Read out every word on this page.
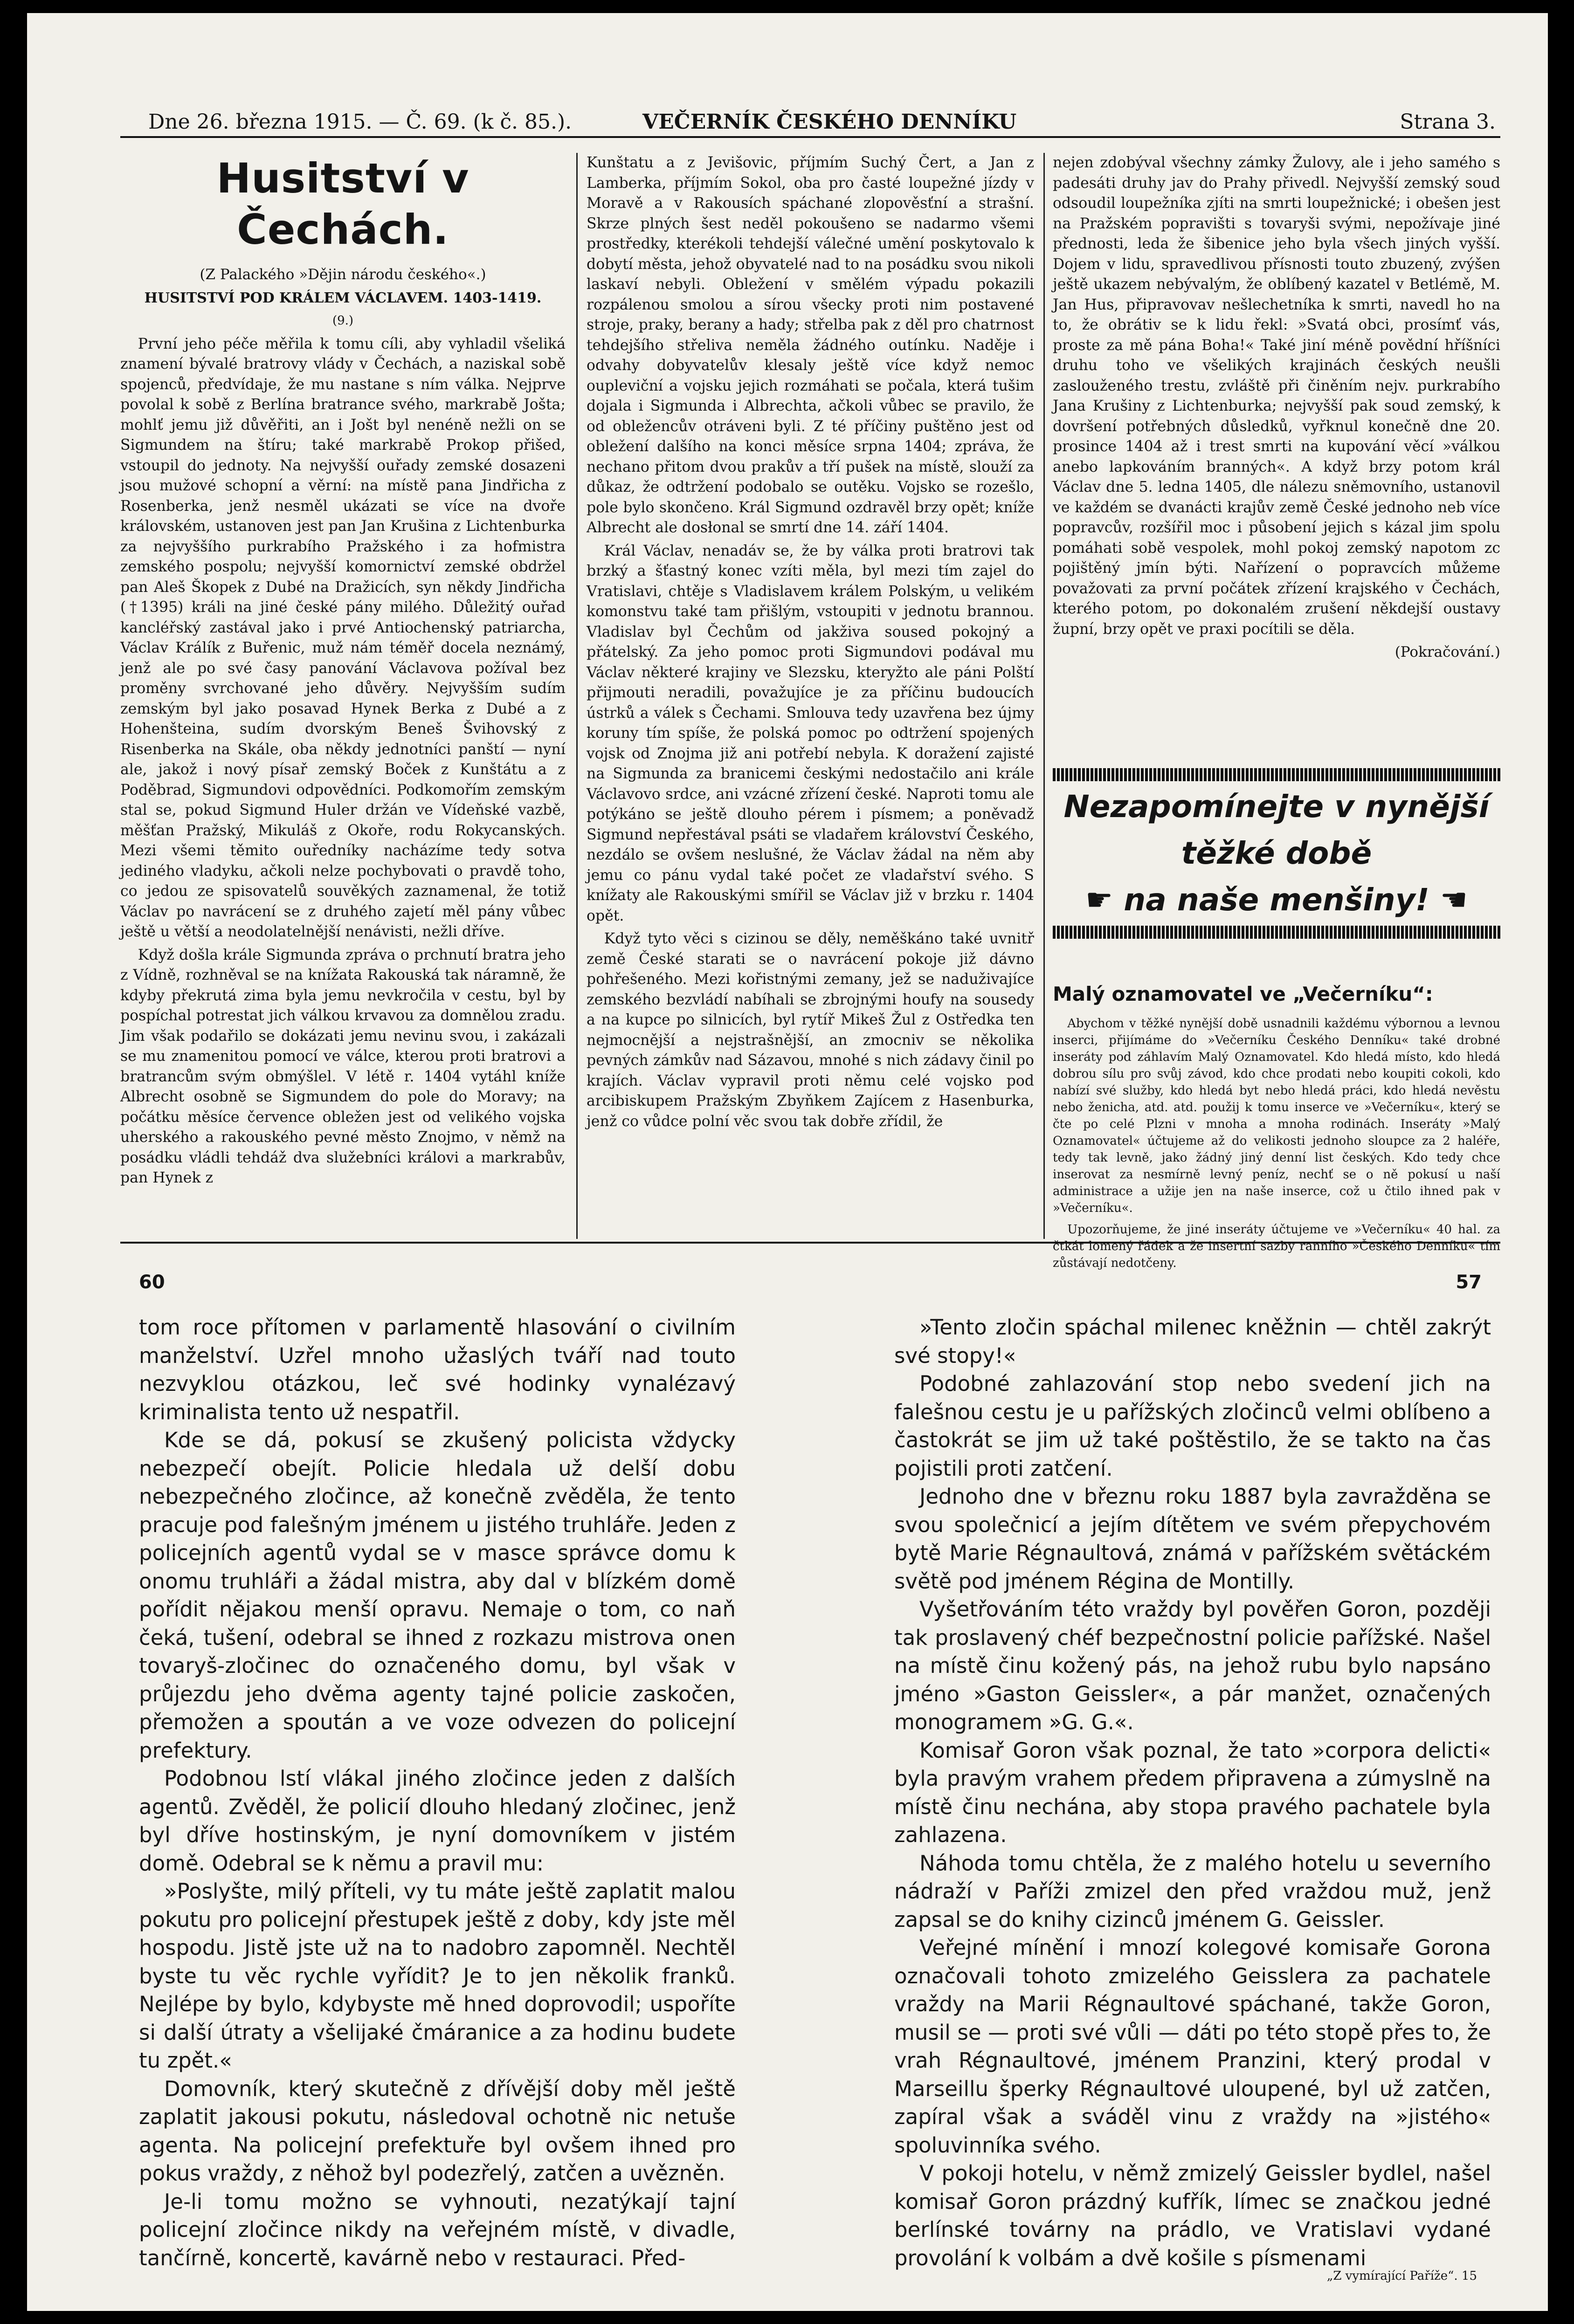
Dne 26. března 1915. — Č. 69. (k č. 85.).	VEČERNÍK ČESKÉHO DENNÍKU	Strana 3.
Husitství v Čechách.

(Z Palackého »Dějin národu českého«.)

HUSITSTVÍ POD KRÁLEM VÁCLAVEM. 1403-1419.

(9.)

První jeho péče měřila k tomu cíli, aby vyhladil všeliká znamení bývalé bratrovy vlády v Čechách, a naziskal sobě spojenců, předvídaje, že mu nastane s ním válka. Nejprve povolal k sobě z Berlína bratrance svého, markrabě Jošta; mohlť jemu již důvěřiti, an i Jošt byl nenéně nežli on se Sigmundem na štíru; také markrabě Prokop přišed, vstoupil do jednoty. Na nejvyšší ouřady zemské dosazeni jsou mužové schopní a věrní: na místě pana Jindřicha z Rosenberka, jenž nesměl ukázati se více na dvoře královském, ustanoven jest pan Jan Krušina z Lichtenburka za nejvyššího purkrabího Pražského i za hofmistra zemského pospolu; nejvyšší komornictví zemské obdržel pan Aleš Škopek z Dubé na Dražicích, syn někdy Jindřicha (†1395) králi na jiné české pány milého. Důležitý ouřad kancléřský zastával jako i prvé Antiochenský patriarcha, Václav Králík z Buřenic, muž nám téměř docela neznámý, jenž ale po své časy panování Václavova požíval bez proměny svrchované jeho důvěry. Nejvyšším sudím zemským byl jako posavad Hynek Berka z Dubé a z Hohenšteina, sudím dvorským Beneš Švihovský z Risenberka na Skále, oba někdy jednotníci panští — nyní ale, jakož i nový písař zemský Boček z Kunštátu a z Poděbrad, Sigmundovi odpovědníci. Podkomořím zemským stal se, pokud Sigmund Huler držán ve Vídeňské vazbě, měšťan Pražský, Mikuláš z Okoře, rodu Rokycanských. Mezi všemi těmito ouředníky nacházíme tedy sotva jediného vladyku, ačkoli nelze pochybovati o pravdě toho, co jedou ze spisovatelů souvěkých zaznamenal, že totiž Václav po navrácení se z druhého zajetí měl pány vůbec ještě u větší a neodolatelnější nenávisti, nežli dříve.

Když došla krále Sigmunda zpráva o prchnutí bratra jeho z Vídně, rozhněval se na knížata Rakouská tak náramně, že kdyby překrutá zima byla jemu nevkročila v cestu, byl by pospíchal potrestat jich válkou krvavou za domnělou zradu. Jim však podařilo se dokázati jemu nevinu svou, i zakázali se mu znamenitou pomocí ve válce, kterou proti bratrovi a bratrancům svým obmýšlel. V létě r. 1404 vytáhl kníže Albrecht osobně se Sigmundem do pole do Moravy; na počátku měsíce července obležen jest od velikého vojska uherského a rakouského pevné město Znojmo, v němž na posádku vládli tehdáž dva služebníci královi a markrabův, pan Hynek z

Kunštatu a z Jevišovic, příjmím Suchý Čert, a Jan z Lamberka, příjmím Sokol, oba pro časté loupežné jízdy v Moravě a v Rakousích spáchané zlopověsťní a strašní. Skrze plných šest neděl pokoušeno se nadarmo všemi prostředky, kterékoli tehdejší válečné umění poskytovalo k dobytí města, jehož obyvatelé nad to na posádku svou nikoli laskaví nebyli. Obležení v smělém výpadu pokazili rozpálenou smolou a sírou všecky proti nim postavené stroje, praky, berany a hady; střelba pak z děl pro chatrnost tehdejšího střeliva neměla žádného outínku. Naděje i odvahy dobyvatelův klesaly ještě více když nemoc oupleviční a vojsku jejich rozmáhati se počala, která tušim dojala i Sigmunda i Albrechta, ačkoli vůbec se pravilo, že od obležencův otráveni byli. Z té příčiny puštěno jest od obležení dalšího na konci měsíce srpna 1404; zpráva, že nechano přitom dvou prakův a tří pušek na místě, slouží za důkaz, že odtržení podobalo se outěku. Vojsko se rozešlo, pole bylo skončeno. Král Sigmund ozdravěl brzy opět; kníže Albrecht ale dosłonal se smrtí dne 14. září 1404.

Král Václav, nenadáv se, že by válka proti bratrovi tak brzký a šťastný konec vzíti měla, byl mezi tím zajel do Vratislavi, chtěje s Vladislavem králem Polským, u velikém komonstvu také tam přišlým, vstoupiti v jednotu brannou. Vladislav byl Čechům od jakživa soused pokojný a přátelský. Za jeho pomoc proti Sigmundovi podával mu Václav některé krajiny ve Slezsku, kteryžto ale páni Polští přijmouti neradili, považujíce je za příčinu budoucích ústrků a válek s Čechami. Smlouva tedy uzavřena bez újmy koruny tím spíše, že polská pomoc po odtržení spojených vojsk od Znojma již ani potřebí nebyla. K doražení zajisté na Sigmunda za branicemi českými nedostačilo ani krále Václavovo srdce, ani vzácné zřízení české. Naproti tomu ale potýkáno se ještě dlouho pérem i písmem; a poněvadž Sigmund nepřestával psáti se vladařem království Českého, nezdálo se ovšem neslušné, že Václav žádal na něm aby jemu co pánu vydal také počet ze vladařství svého. S knížaty ale Rakouskými smířil se Václav již v brzku r. 1404 opět.

Když tyto věci s cizinou se děly, neměškáno také uvnitř země České starati se o navrácení pokoje již dávno pohřešeného. Mezi kořistnými zemany, jež se naduživajíce zemského bezvládí nabíhali se zbrojnými houfy na sousedy a na kupce po silnicích, byl rytíř Mikeš Žul z Ostředka ten nejmocnější a nejstrašnější, an zmocniv se několika pevných zámkův nad Sázavou, mnohé s nich zádavy činil po krajích. Václav vypravil proti němu celé vojsko pod arcibiskupem Pražským Zbyňkem Zajícem z Hasenburka, jenž co vůdce polní věc svou tak dobře zřídil, že

nejen zdobýval všechny zámky Žulovy, ale i jeho samého s padesáti druhy jav do Prahy přivedl. Nejvyšší zemský soud odsoudil loupežníka zjíti na smrti loupežnické; i obešen jest na Pražském popravišti s tovaryši svými, nepožívaje jiné přednosti, leda že šibenice jeho byla všech jiných vyšší. Dojem v lidu, spravedlivou přísnosti touto zbuzený, zvýšen ještě ukazem nebývalým, že oblíbený kazatel v Betlémě, M. Jan Hus, připravovav nešlechetníka k smrti, navedl ho na to, že obrátiv se k lidu řekl: »Svatá obci, prosímť vás, proste za mě pána Boha!« Také jiní méně povědní hříšníci druhu toho ve všelikých krajinách českých neušli zaslouženého trestu, zvláště při činěním nejv. purkrabího Jana Krušiny z Lichtenburka; nejvyšší pak soud zemský, k dovršení potřebných důsledků, vyřknul konečně dne 20. prosince 1404 až i trest smrti na kupování věcí »válkou anebo lapkováním branných«. A když brzy potom král Václav dne 5. ledna 1405, dle nálezu sněmovního, ustanovil ve každém se dvanácti krajův země České jednoho neb více popravcův, rozšířil moc i působení jejich s kázal jim spolu pomáhati sobě vespolek, mohl pokoj zemský napotom zc pojištěný jmín býti. Nařízení o popravcích můžeme považovati za první počátek zřízení krajského v Čechách, kterého potom, po dokonalém zrušení někdejší oustavy župní, brzy opět ve praxi pocítili se děla.

(Pokračování.)

Nezapomínejte v nynější
těžké době
☛ na naše menšiny! ☚
Malý oznamovatel ve „Večerníku“:

Abychom v těžké nynější době usnadnili každému výbornou a levnou inserci, přijímáme do »Večerníku Českého Denníku« také drobné inseráty pod záhlavím Malý Oznamovatel. Kdo hledá místo, kdo hledá dobrou sílu pro svůj závod, kdo chce prodati nebo koupiti cokoli, kdo nabízí své služby, kdo hledá byt nebo hledá práci, kdo hledá nevěstu nebo ženicha, atd. atd. použij k tomu inserce ve »Večerníku«, který se čte po celé Plzni v mnoha a mnoha rodinách. Inseráty »Malý Oznamovatel« účtujeme až do velikosti jednoho sloupce za 2 haléře, tedy tak levně, jako žádný jiný denní list českých. Kdo tedy chce inserovat za nesmírně levný peníz, nechť se o ně pokusí u naší administrace a užije jen na naše inserce, což u čtilo ihned pak v »Večerníku«.

Upozorňujeme, že jiné inseráty účtujeme ve »Večerníku« 40 hal. za čtkát lomený řádek a že insertní sazby ranního »Českého Denníku« tím zůstávají nedotčeny.

60

tom roce přítomen v parlamentě hlasování o civilním manželství. Uzřel mnoho užaslých tváří nad touto nezvyklou otázkou, leč své hodinky vynalézavý kriminalista tento už nespatřil.

Kde se dá, pokusí se zkušený policista vždycky nebezpečí obejít. Policie hledala už delší dobu nebezpečného zločince, až konečně zvěděla, že tento pracuje pod falešným jménem u jistého truhláře. Jeden z policejních agentů vydal se v masce správce domu k onomu truhláři a žádal mistra, aby dal v blízkém domě pořídit nějakou menší opravu. Nemaje o tom, co naň čeká, tušení, odebral se ihned z rozkazu mistrova onen tovaryš-zločinec do označeného domu, byl však v průjezdu jeho dvěma agenty tajné policie zaskočen, přemožen a spoután a ve voze odvezen do policejní prefektury.

Podobnou lstí vlákal jiného zločince jeden z dalších agentů. Zvěděl, že policií dlouho hledaný zločinec, jenž byl dříve hostinským, je nyní domovníkem v jistém domě. Odebral se k němu a pravil mu:

»Poslyšte, milý příteli, vy tu máte ještě zaplatit malou pokutu pro policejní přestupek ještě z doby, kdy jste měl hospodu. Jistě jste už na to nadobro zapomněl. Nechtěl byste tu věc rychle vyřídit? Je to jen několik franků. Nejlépe by bylo, kdybyste mě hned doprovodil; uspoříte si další útraty a všelijaké čmáranice a za hodinu budete tu zpět.«

Domovník, který skutečně z dřívější doby měl ještě zaplatit jakousi pokutu, následoval ochotně nic netuše agenta. Na policejní prefektuře byl ovšem ihned pro pokus vraždy, z něhož byl podezřelý, zatčen a uvězněn.

Je-li tomu možno se vyhnouti, nezatýkají tajní policejní zločince nikdy na veřejném místě, v divadle, tančírně, koncertě, kavárně nebo v restauraci. Před-

57

»Tento zločin spáchal milenec kněžnin — chtěl zakrýt své stopy!«

Podobné zahlazování stop nebo svedení jich na falešnou cestu je u pařížských zločinců velmi oblíbeno a častokrát se jim už také poštěstilo, že se takto na čas pojistili proti zatčení.

Jednoho dne v březnu roku 1887 byla zavražděna se svou společnicí a jejím dítětem ve svém přepychovém bytě Marie Régnaultová, známá v pařížském světáckém světě pod jménem Régina de Montilly.

Vyšetřováním této vraždy byl pověřen Goron, později tak proslavený chéf bezpečnostní policie pařížské. Našel na místě činu kožený pás, na jehož rubu bylo napsáno jméno »Gaston Geissler«, a pár manžet, označených monogramem »G. G.«.

Komisař Goron však poznal, že tato »corpora delicti« byla pravým vrahem předem připravena a zúmyslně na místě činu nechána, aby stopa pravého pachatele byla zahlazena.

Náhoda tomu chtěla, že z malého hotelu u severního nádraží v Paříži zmizel den před vraždou muž, jenž zapsal se do knihy cizinců jménem G. Geissler.

Veřejné mínění i mnozí kolegové komisaře Gorona označovali tohoto zmizelého Geisslera za pachatele vraždy na Marii Régnaultové spáchané, takže Goron, musil se — proti své vůli — dáti po této stopě přes to, že vrah Régnaultové, jménem Pranzini, který prodal v Marseillu šperky Régnaultové uloupené, byl už zatčen, zapíral však a sváděl vinu z vraždy na »jistého« spoluvinníka svého.

V pokoji hotelu, v němž zmizelý Geissler bydlel, našel komisař Goron prázdný kufřík, límec se značkou jedné berlínské továrny na prádlo, ve Vratislavi vydané provolání k volbám a dvě košile s písmenami

„Z vymírající Paříže“. 15
